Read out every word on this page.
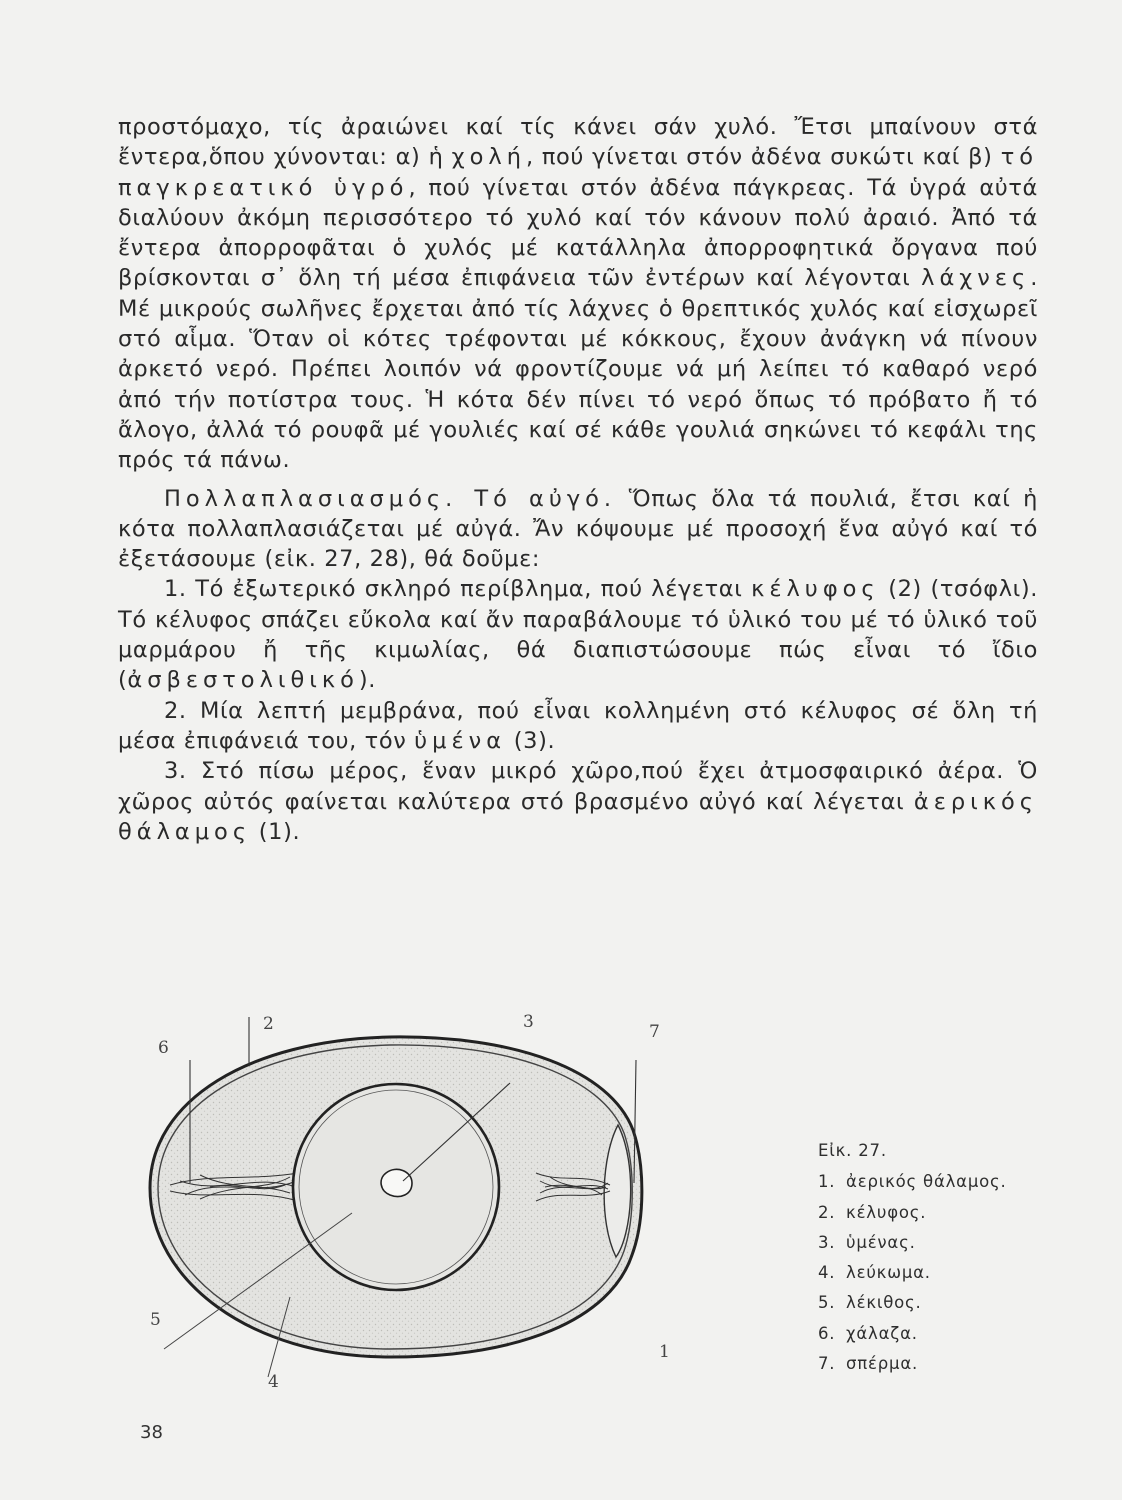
προστόμαχο, τίς ἀραιώνει καί τίς κάνει σάν χυλό. Ἔτσι μπαίνουν στά ἔντερα,ὅπου χύνονται: α) ἡ χολή, πού γίνεται στόν ἀδένα συκώτι καί β) τό παγκρεατικό ὑγρό, πού γίνεται στόν ἀδένα πάγκρεας. Τά ὑγρά αὐτά διαλύουν ἀκόμη περισσότερο τό χυλό καί τόν κάνουν πολύ ἀραιό. Ἀπό τά ἔντερα ἀπορροφᾶται ὁ χυλός μέ κατάλληλα ἀπορροφητικά ὄργανα πού βρίσκονται σ᾽ ὅλη τή μέσα ἐπιφάνεια τῶν ἐντέρων καί λέγονται λάχνες. Μέ μικρούς σωλῆνες ἔρχεται ἀπό τίς λάχνες ὁ θρεπτικός χυλός καί εἰσχωρεῖ στό αἷμα. Ὅταν οἱ κότες τρέφονται μέ κόκκους, ἔχουν ἀνάγκη νά πίνουν ἀρκετό νερό. Πρέπει λοιπόν νά φροντίζουμε νά μή λείπει τό καθαρό νερό ἀπό τήν ποτίστρα τους. Ἡ κότα δέν πίνει τό νερό ὅπως τό πρόβατο ἤ τό ἄλογο, ἀλλά τό ρουφᾶ μέ γουλιές καί σέ κάθε γουλιά σηκώνει τό κεφάλι της πρός τά πάνω.

Πολλαπλασιασμός. Τό αὐγό. Ὅπως ὅλα τά πουλιά, ἔτσι καί ἡ κότα πολλαπλασιάζεται μέ αὐγά. Ἄν κόψουμε μέ προσοχή ἕνα αὐγό καί τό ἐξετάσουμε (εἰκ. 27, 28), θά δοῦμε:

1. Τό ἐξωτερικό σκληρό περίβλημα, πού λέγεται κέλυφος (2) (τσόφλι). Τό κέλυφος σπάζει εὔκολα καί ἄν παραβάλουμε τό ὑλικό του μέ τό ὑλικό τοῦ μαρμάρου ἤ τῆς κιμωλίας, θά διαπιστώσουμε πώς εἶναι τό ἴδιο (ἀσβεστολιθικό).

2. Μία λεπτή μεμβράνα, πού εἶναι κολλημένη στό κέλυφος σέ ὅλη τή μέσα ἐπιφάνειά του, τόν ὑμένα (3).

3. Στό πίσω μέρος, ἕναν μικρό χῶρο,πού ἔχει ἀτμοσφαιρικό ἀέρα. Ὁ χῶρος αὐτός φαίνεται καλύτερα στό βρασμένο αὐγό καί λέγεται ἀερικός θάλαμος (1).

2	3	7
6
5
1
4
Εἰκ. 27.
1. ἀερικός θάλαμος.
2. κέλυφος.
3. ὑμένας.
4. λεύκωμα.
5. λέκιθος.
6. χάλαζα.
7. σπέρμα.
38
